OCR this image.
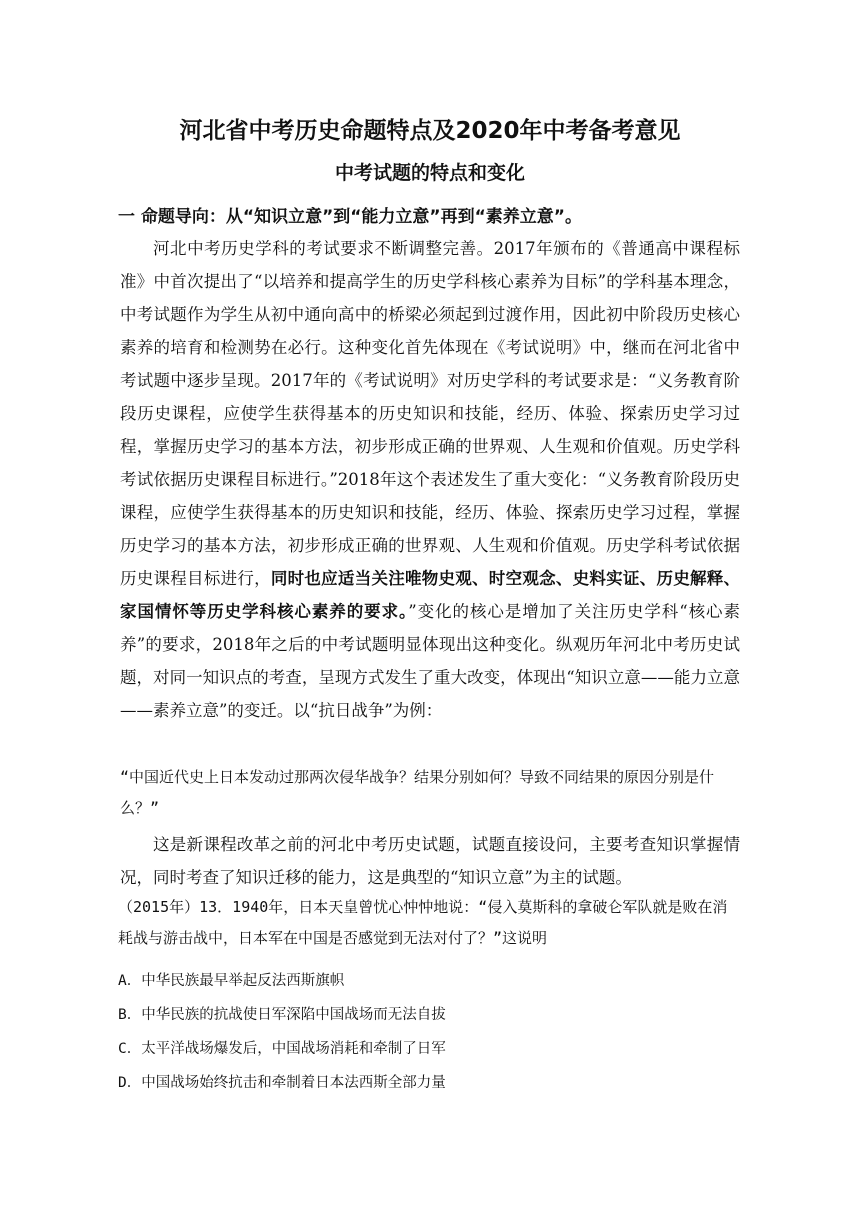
河北省中考历史命题特点及2020年中考备考意见
中考试题的特点和变化
一 命题导向：从“知识立意”到“能力立意”再到“素养立意”。

河北中考历史学科的考试要求不断调整完善。2017年颁布的《普通高中课程标准》中首次提出了“以培养和提高学生的历史学科核心素养为目标”的学科基本理念，中考试题作为学生从初中通向高中的桥梁必须起到过渡作用，因此初中阶段历史核心素养的培育和检测势在必行。这种变化首先体现在《考试说明》中，继而在河北省中考试题中逐步呈现。2017年的《考试说明》对历史学科的考试要求是：“义务教育阶段历史课程，应使学生获得基本的历史知识和技能，经历、体验、探索历史学习过程，掌握历史学习的基本方法，初步形成正确的世界观、人生观和价值观。历史学科考试依据历史课程目标进行。”2018年这个表述发生了重大变化：“义务教育阶段历史课程，应使学生获得基本的历史知识和技能，经历、体验、探索历史学习过程，掌握历史学习的基本方法，初步形成正确的世界观、人生观和价值观。历史学科考试依据历史课程目标进行，同时也应适当关注唯物史观、时空观念、史料实证、历史解释、家国情怀等历史学科核心素养的要求。”变化的核心是增加了关注历史学科“核心素养”的要求，2018年之后的中考试题明显体现出这种变化。纵观历年河北中考历史试题，对同一知识点的考查，呈现方式发生了重大改变，体现出“知识立意——能力立意——素养立意”的变迁。以“抗日战争”为例：

“中国近代史上日本发动过那两次侵华战争？结果分别如何？导致不同结果的原因分别是什么？”

这是新课程改革之前的河北中考历史试题，试题直接设问，主要考查知识掌握情况，同时考查了知识迁移的能力，这是典型的“知识立意”为主的试题。

（2015年）13．1940年，日本天皇曾忧心忡忡地说：“侵入莫斯科的拿破仑军队就是败在消耗战与游击战中，日本军在中国是否感觉到无法对付了？”这说明

A．中华民族最早举起反法西斯旗帜
B．中华民族的抗战使日军深陷中国战场而无法自拔
C．太平洋战场爆发后，中国战场消耗和牵制了日军
D．中国战场始终抗击和牵制着日本法西斯全部力量
